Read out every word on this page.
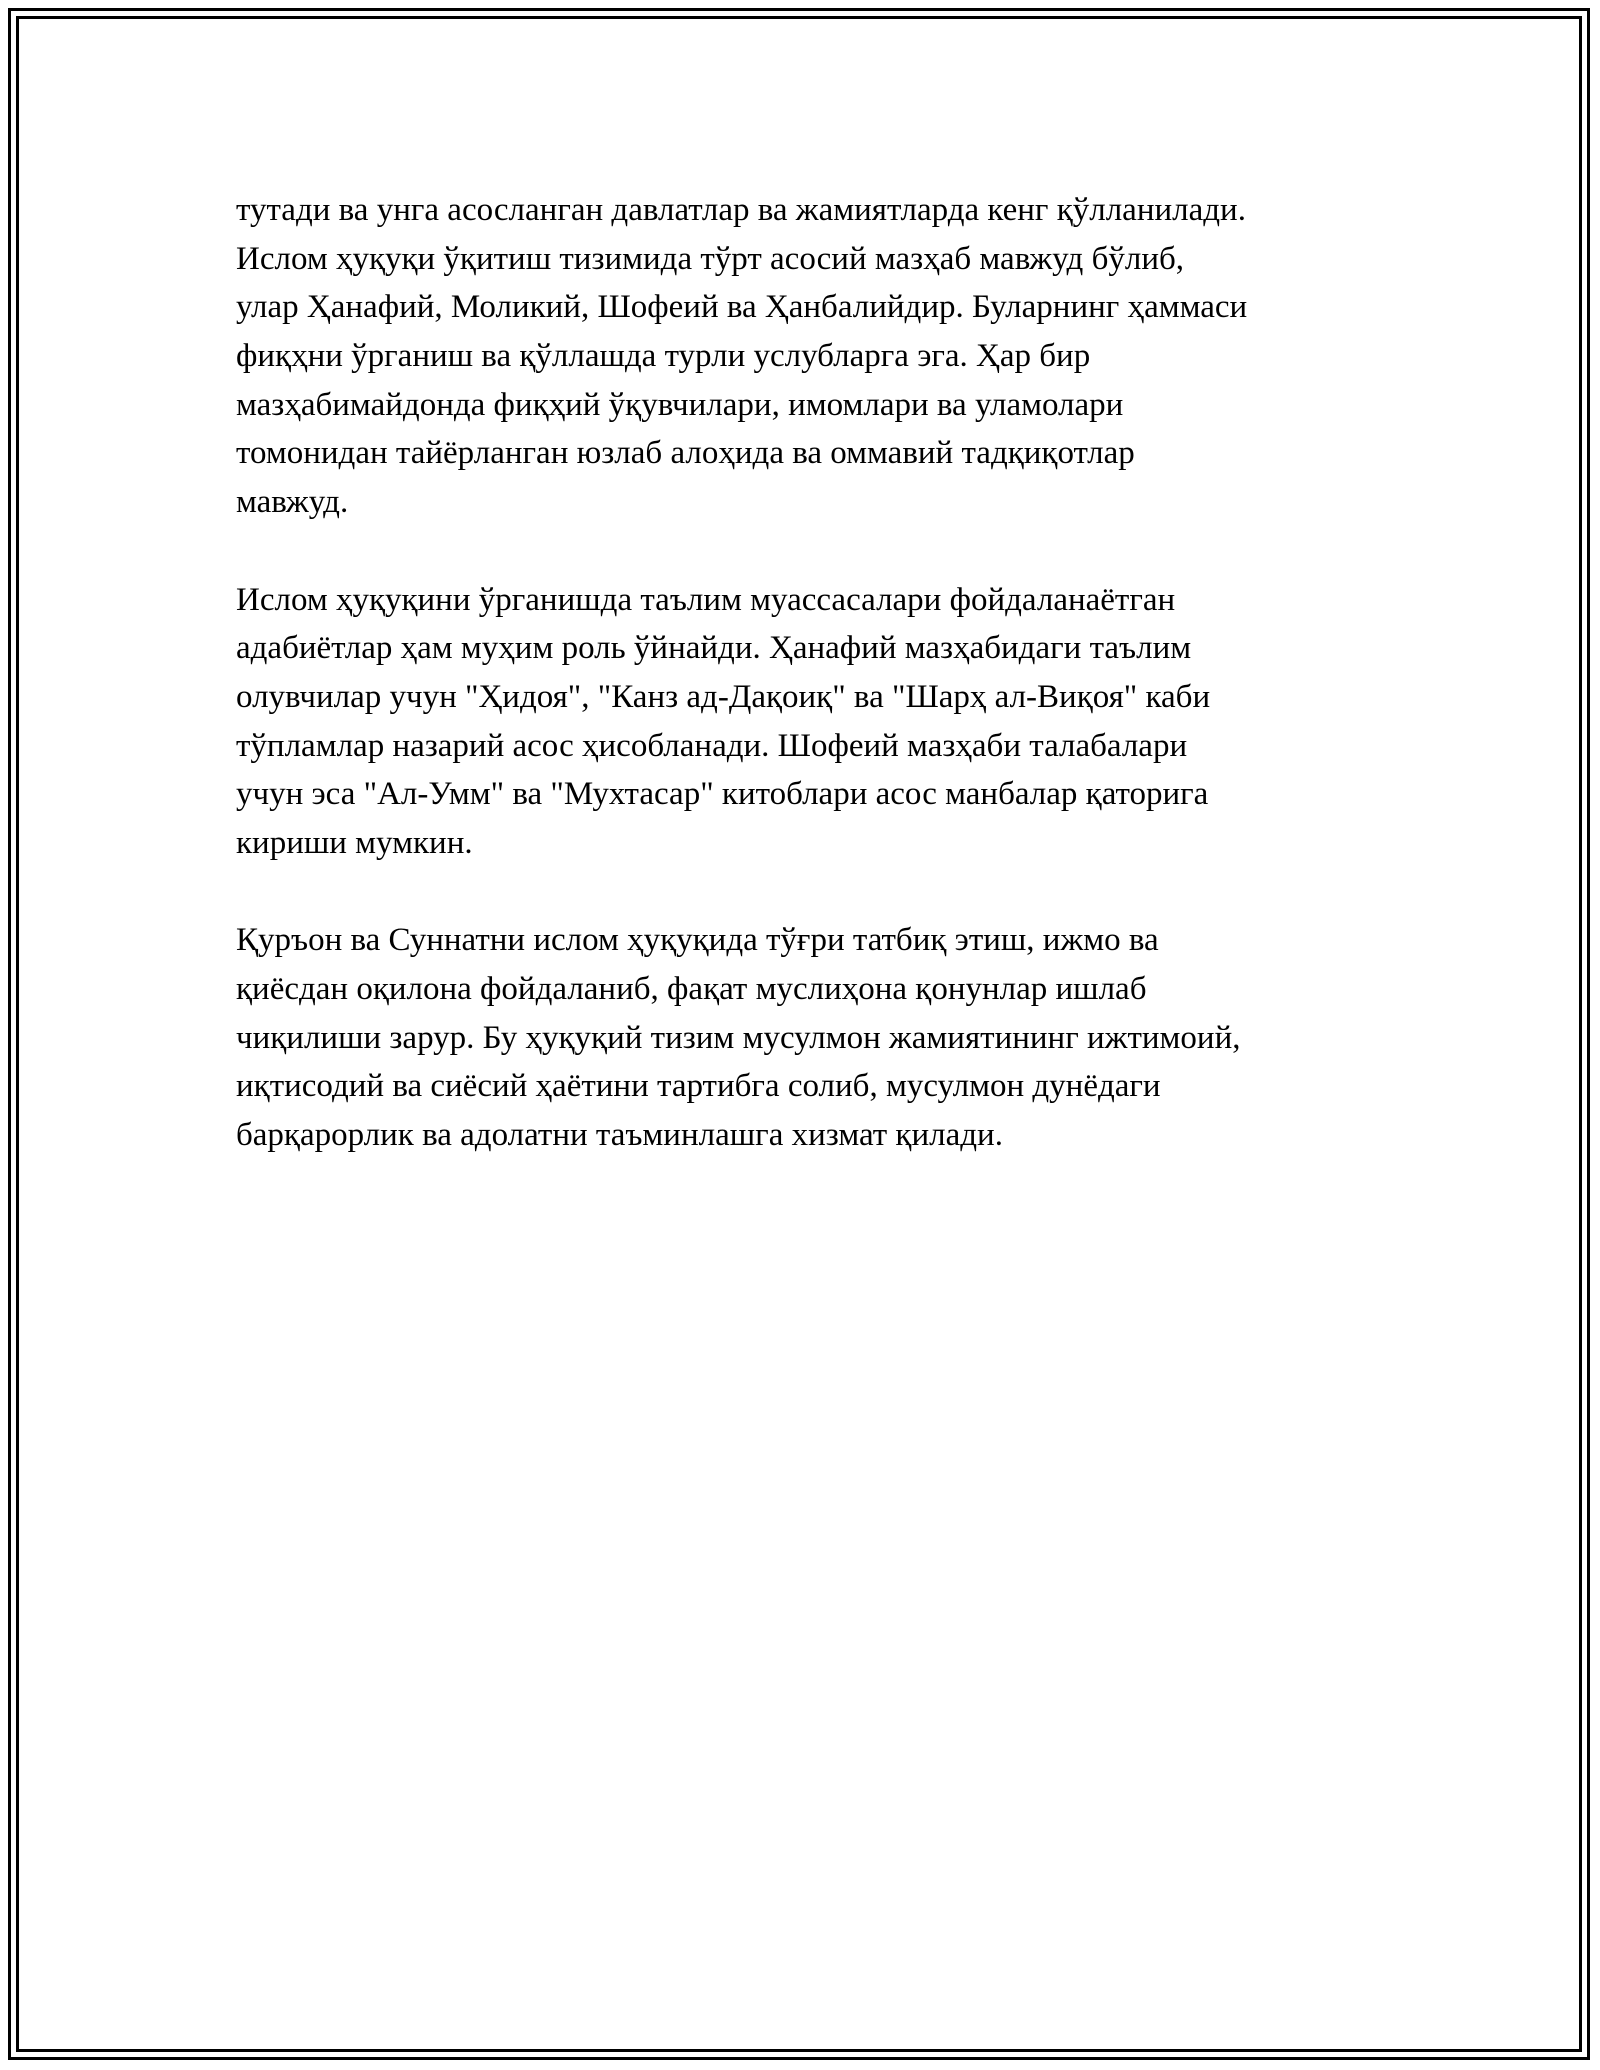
тутади ва унга асосланган давлатлар ва жамиятларда кенг қўлланилади.
Ислом ҳуқуқи ўқитиш тизимида тўрт асосий мазҳаб мавжуд бўлиб,
улар Ҳанафий, Моликий, Шофеий ва Ҳанбалийдир. Буларнинг ҳаммаси
фиқҳни ўрганиш ва қўллашда турли услубларга эга. Ҳар бир
мазҳабимайдонда фиқҳий ўқувчилари, имомлари ва уламолари
томонидан тайёрланган юзлаб алоҳида ва оммавий тадқиқотлар
мавжуд.
Ислом ҳуқуқини ўрганишда таълим муассасалари фойдаланаётган
адабиётлар ҳам муҳим роль ўйнайди. Ҳанафий мазҳабидаги таълим
олувчилар учун "Ҳидоя", "Канз ад-Дақоиқ" ва "Шарҳ ал-Виқоя" каби
тўпламлар назарий асос ҳисобланади. Шофеий мазҳаби талабалари
учун эса "Ал-Умм" ва "Мухтасар" китоблари асос манбалар қаторига
кириши мумкин.
Қуръон ва Суннатни ислом ҳуқуқида тўғри татбиқ этиш, ижмо ва
қиёсдан оқилона фойдаланиб, фақат муслиҳона қонунлар ишлаб
чиқилиши зарур. Бу ҳуқуқий тизим мусулмон жамиятининг ижтимоий,
иқтисодий ва сиёсий ҳаётини тартибга солиб, мусулмон дунёдаги
барқарорлик ва адолатни таъминлашга хизмат қилади.
